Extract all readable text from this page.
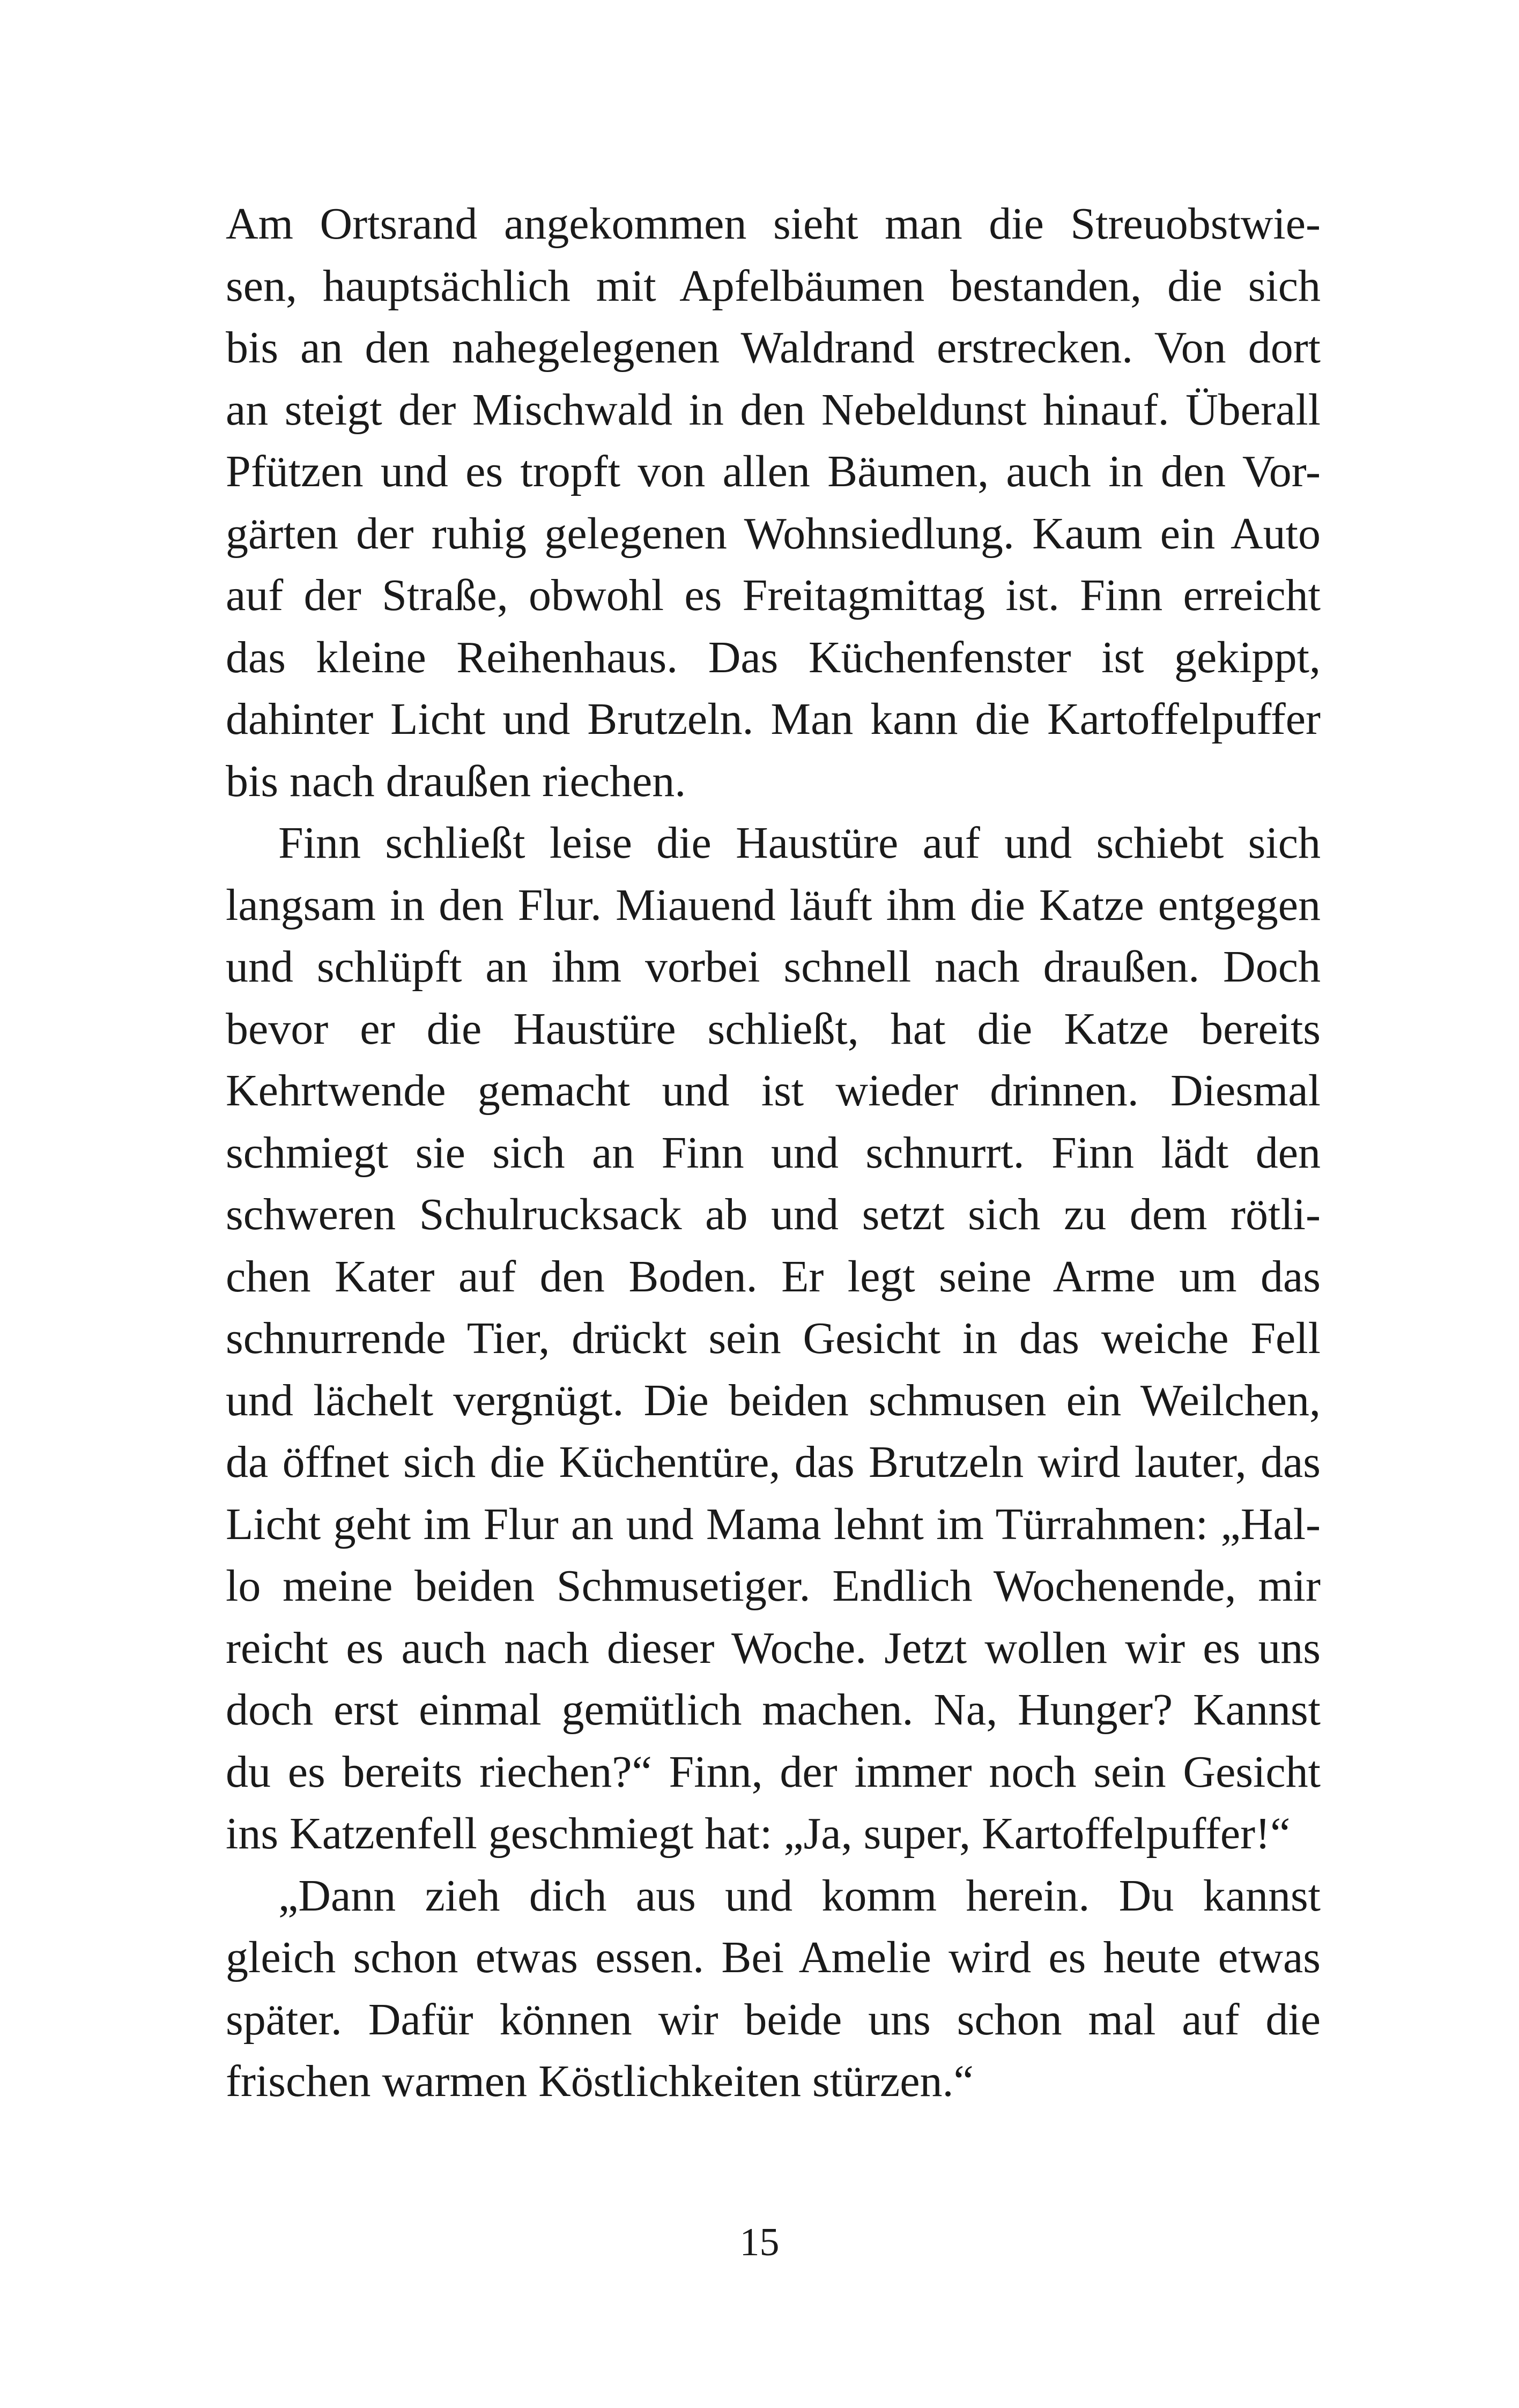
Am Ortsrand angekommen sieht man die Streuobstwie-
sen, hauptsächlich mit Apfelbäumen bestanden, die sich
bis an den nahegelegenen Waldrand erstrecken. Von dort
an steigt der Mischwald in den Nebeldunst hinauf. Überall
Pfützen und es tropft von allen Bäumen, auch in den Vor-
gärten der ruhig gelegenen Wohnsiedlung. Kaum ein Auto
auf der Straße, obwohl es Freitagmittag ist. Finn erreicht
das kleine Reihenhaus. Das Küchenfenster ist gekippt,
dahinter Licht und Brutzeln. Man kann die Kartoffelpuffer
bis nach draußen riechen.
Finn schließt leise die Haustüre auf und schiebt sich
langsam in den Flur. Miauend läuft ihm die Katze entgegen
und schlüpft an ihm vorbei schnell nach draußen. Doch
bevor er die Haustüre schließt, hat die Katze bereits
Kehrtwende gemacht und ist wieder drinnen. Diesmal
schmiegt sie sich an Finn und schnurrt. Finn lädt den
schweren Schulrucksack ab und setzt sich zu dem rötli-
chen Kater auf den Boden. Er legt seine Arme um das
schnurrende Tier, drückt sein Gesicht in das weiche Fell
und lächelt vergnügt. Die beiden schmusen ein Weilchen,
da öffnet sich die Küchentüre, das Brutzeln wird lauter, das
Licht geht im Flur an und Mama lehnt im Türrahmen: „Hal-
lo meine beiden Schmusetiger. Endlich Wochenende, mir
reicht es auch nach dieser Woche. Jetzt wollen wir es uns
doch erst einmal gemütlich machen. Na, Hunger? Kannst
du es bereits riechen?“ Finn, der immer noch sein Gesicht
ins Katzenfell geschmiegt hat: „Ja, super, Kartoffelpuffer!“
„Dann zieh dich aus und komm herein. Du kannst
gleich schon etwas essen. Bei Amelie wird es heute etwas
später. Dafür können wir beide uns schon mal auf die
frischen warmen Köstlichkeiten stürzen.“
15
